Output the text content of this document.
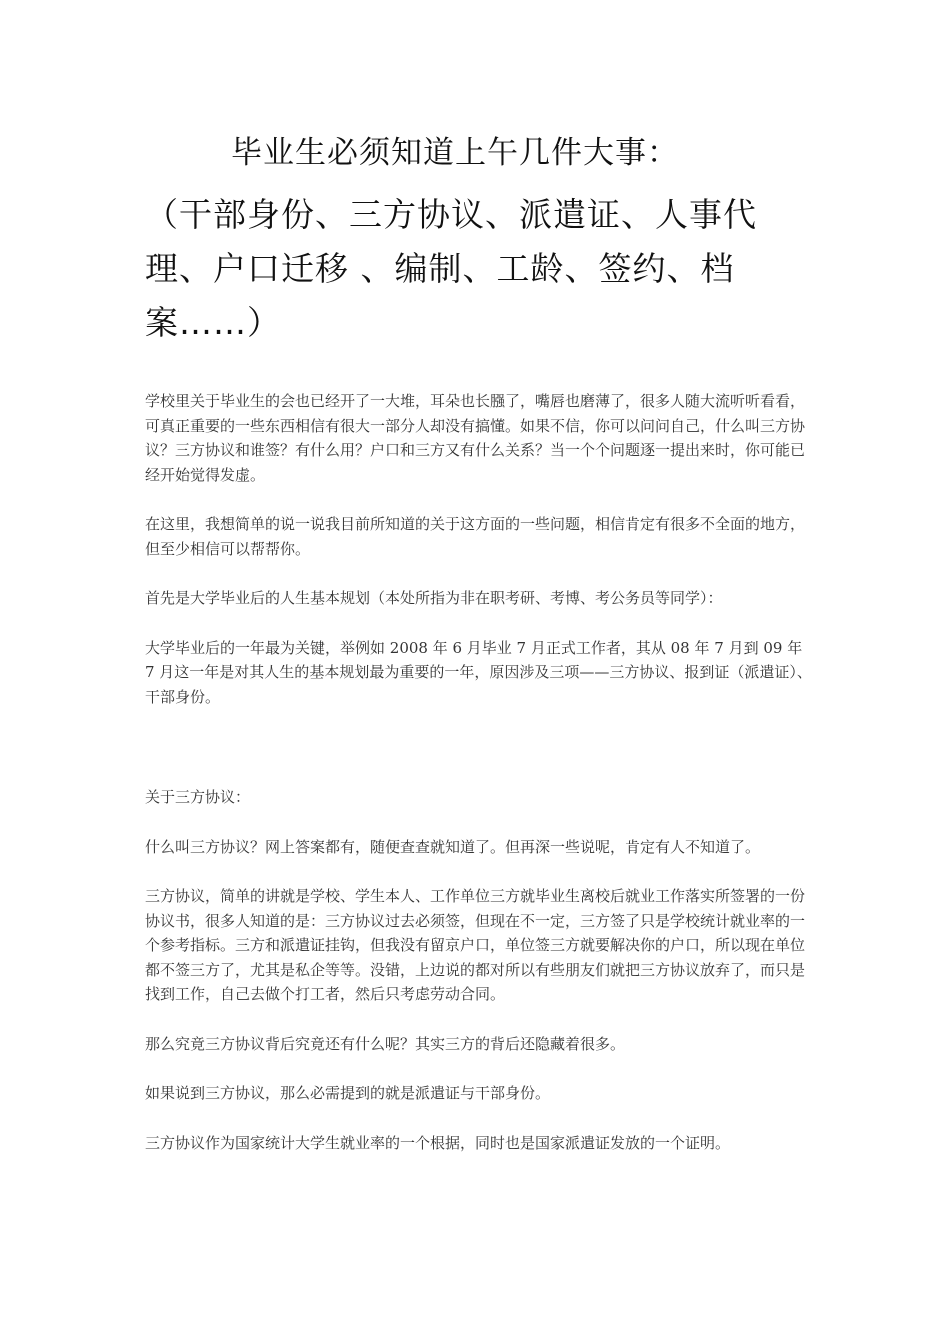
毕业生必须知道上午几件大事：
（干部身份、三方协议、派遣证、人事代理、户口迁移 、编制、工龄、签约、档案……）

学校里关于毕业生的会也已经开了一大堆，耳朵也长膙了，嘴唇也磨薄了，很多人随大流听听看看，可真正重要的一些东西相信有很大一部分人却没有搞懂。如果不信，你可以问问自己，什么叫三方协议？三方协议和谁签？有什么用？户口和三方又有什么关系？当一个个问题逐一提出来时，你可能已经开始觉得发虚。

在这里，我想简单的说一说我目前所知道的关于这方面的一些问题，相信肯定有很多不全面的地方，但至少相信可以帮帮你。

首先是大学毕业后的人生基本规划（本处所指为非在职考研、考博、考公务员等同学）：

大学毕业后的一年最为关键，举例如 2008 年 6 月毕业 7 月正式工作者，其从 08 年 7 月到 09 年 7 月这一年是对其人生的基本规划最为重要的一年，原因涉及三项——三方协议、报到证（派遣证）、干部身份。

关于三方协议：

什么叫三方协议？网上答案都有，随便查查就知道了。但再深一些说呢，肯定有人不知道了。

三方协议，简单的讲就是学校、学生本人、工作单位三方就毕业生离校后就业工作落实所签署的一份协议书，很多人知道的是：三方协议过去必须签，但现在不一定，三方签了只是学校统计就业率的一个参考指标。三方和派遣证挂钩，但我没有留京户口，单位签三方就要解决你的户口，所以现在单位都不签三方了，尤其是私企等等。没错，上边说的都对所以有些朋友们就把三方协议放弃了，而只是找到工作，自己去做个打工者，然后只考虑劳动合同。

那么究竟三方协议背后究竟还有什么呢？其实三方的背后还隐藏着很多。

如果说到三方协议，那么必需提到的就是派遣证与干部身份。

三方协议作为国家统计大学生就业率的一个根据，同时也是国家派遣证发放的一个证明。
